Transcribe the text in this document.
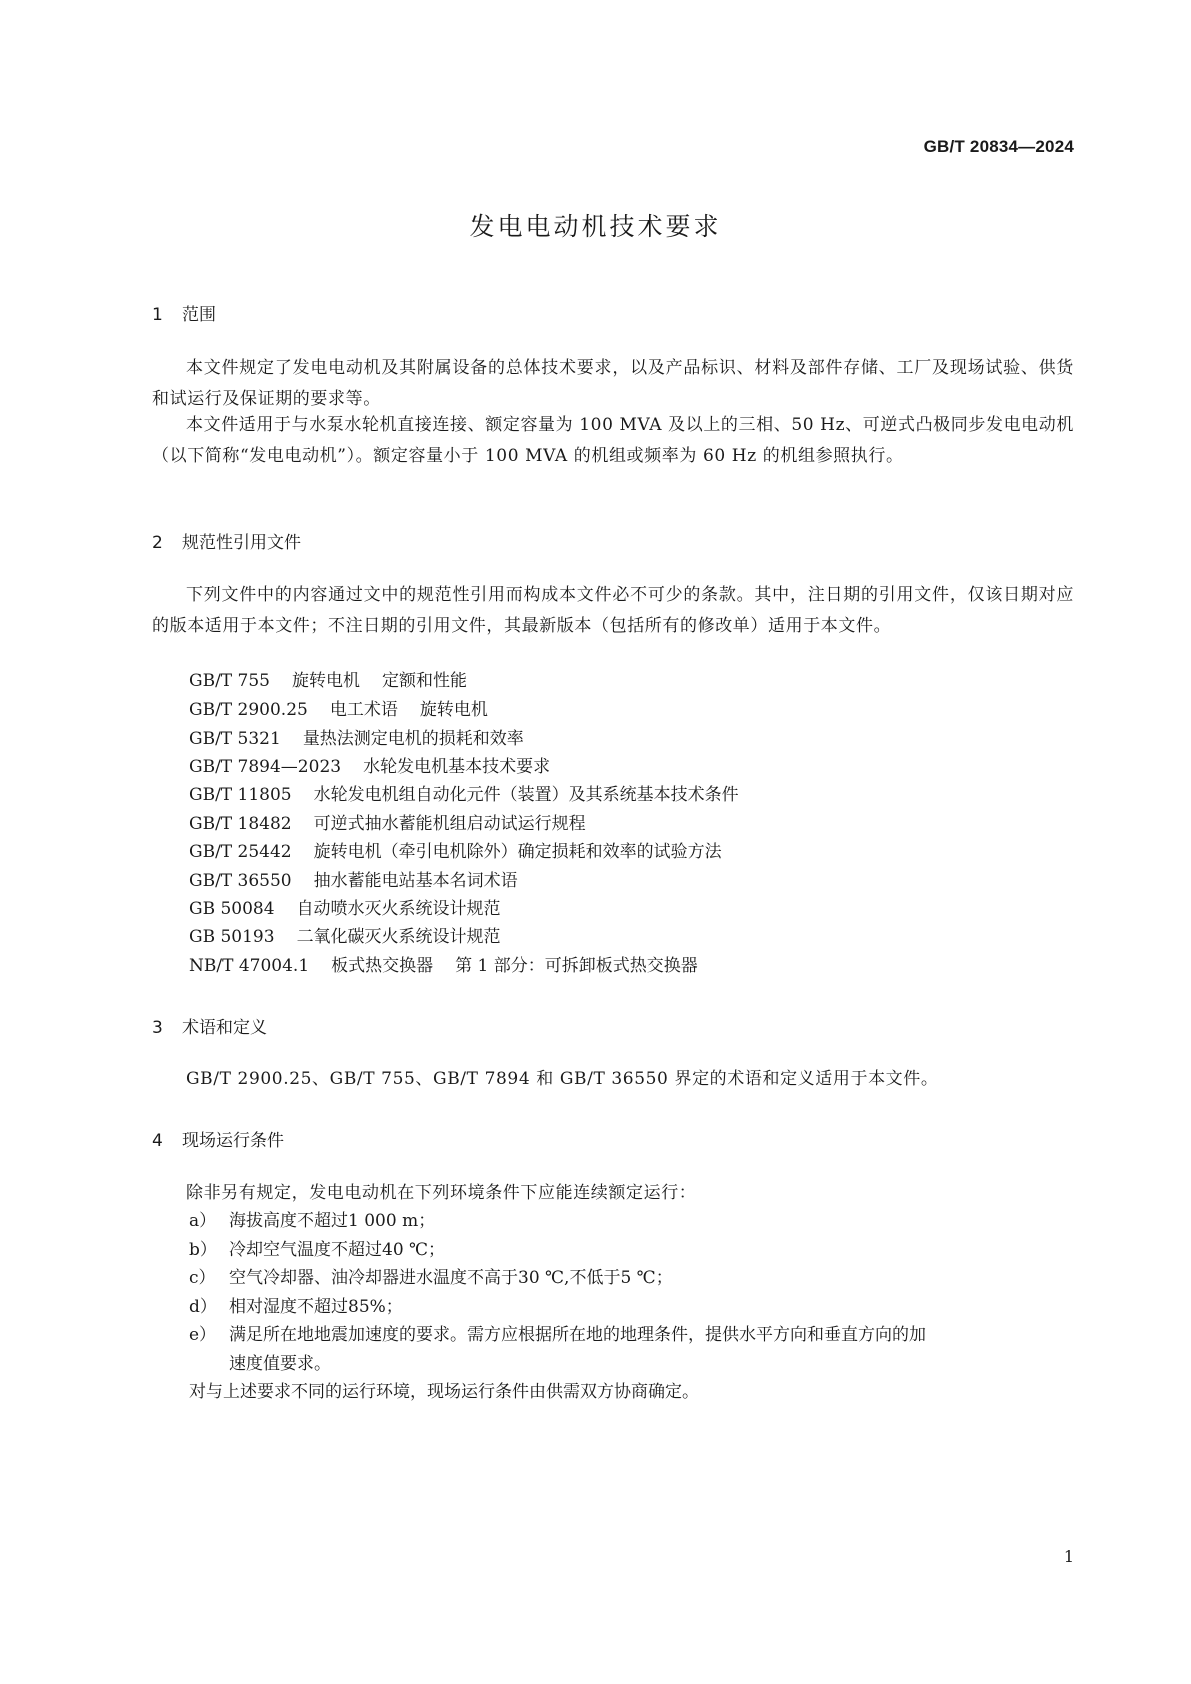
GB/T 20834—2024
发电电动机技术要求
1 范围
本文件规定了发电电动机及其附属设备的总体技术要求，以及产品标识、材料及部件存储、工厂及现场试验、供货和试运行及保证期的要求等。
本文件适用于与水泵水轮机直接连接、额定容量为 100 MVA 及以上的三相、50 Hz、可逆式凸极同步发电电动机（以下简称“发电电动机”）。额定容量小于 100 MVA 的机组或频率为 60 Hz 的机组参照执行。
2 规范性引用文件
下列文件中的内容通过文中的规范性引用而构成本文件必不可少的条款。其中，注日期的引用文件，仅该日期对应的版本适用于本文件；不注日期的引用文件，其最新版本（包括所有的修改单）适用于本文件。
GB/T 755 旋转电机 定额和性能
GB/T 2900.25 电工术语 旋转电机
GB/T 5321 量热法测定电机的损耗和效率
GB/T 7894—2023 水轮发电机基本技术要求
GB/T 11805 水轮发电机组自动化元件（装置）及其系统基本技术条件
GB/T 18482 可逆式抽水蓄能机组启动试运行规程
GB/T 25442 旋转电机（牵引电机除外）确定损耗和效率的试验方法
GB/T 36550 抽水蓄能电站基本名词术语
GB 50084 自动喷水灭火系统设计规范
GB 50193 二氧化碳灭火系统设计规范
NB/T 47004.1 板式热交换器 第 1 部分：可拆卸板式热交换器
3 术语和定义
GB/T 2900.25、GB/T 755、GB/T 7894 和 GB/T 36550 界定的术语和定义适用于本文件。
4 现场运行条件
除非另有规定，发电电动机在下列环境条件下应能连续额定运行：
a） 海拔高度不超过1 000 m；
b） 冷却空气温度不超过40 ℃；
c） 空气冷却器、油冷却器进水温度不高于30 ℃,不低于5 ℃；
d） 相对湿度不超过85%；
e） 满足所在地地震加速度的要求。需方应根据所在地的地理条件，提供水平方向和垂直方向的加
速度值要求。
对与上述要求不同的运行环境，现场运行条件由供需双方协商确定。
1
